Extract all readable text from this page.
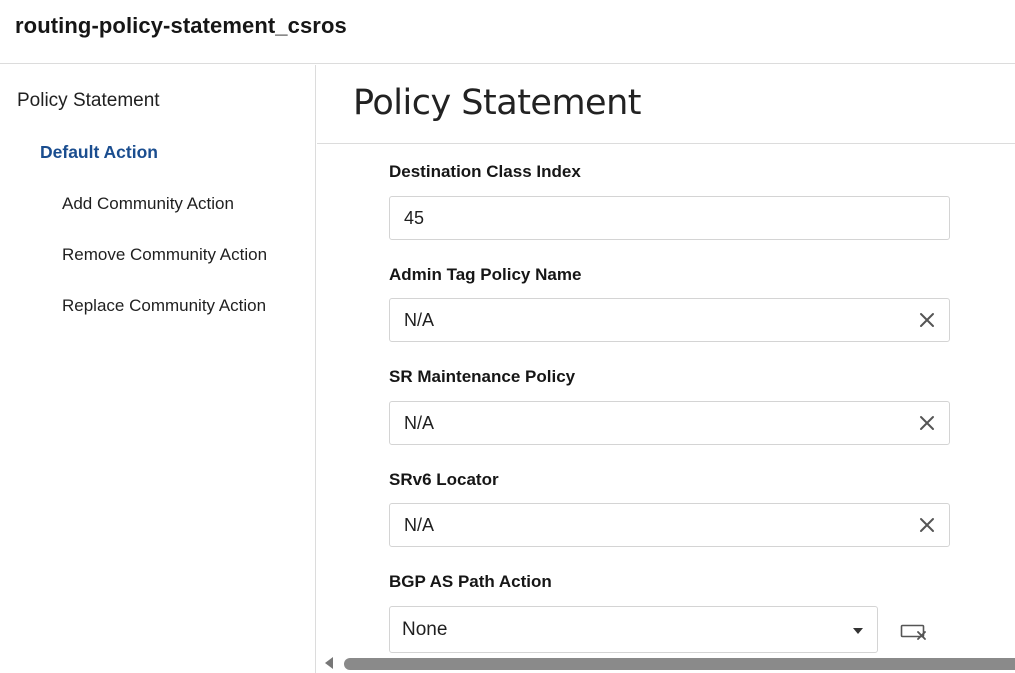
routing-policy-statement_csros
Policy Statement
Default Action
Add Community Action
Remove Community Action
Replace Community Action
Policy Statement
Destination Class Index
45
Admin Tag Policy Name
N/A
SR Maintenance Policy
N/A
SRv6 Locator
N/A
BGP AS Path Action
None
